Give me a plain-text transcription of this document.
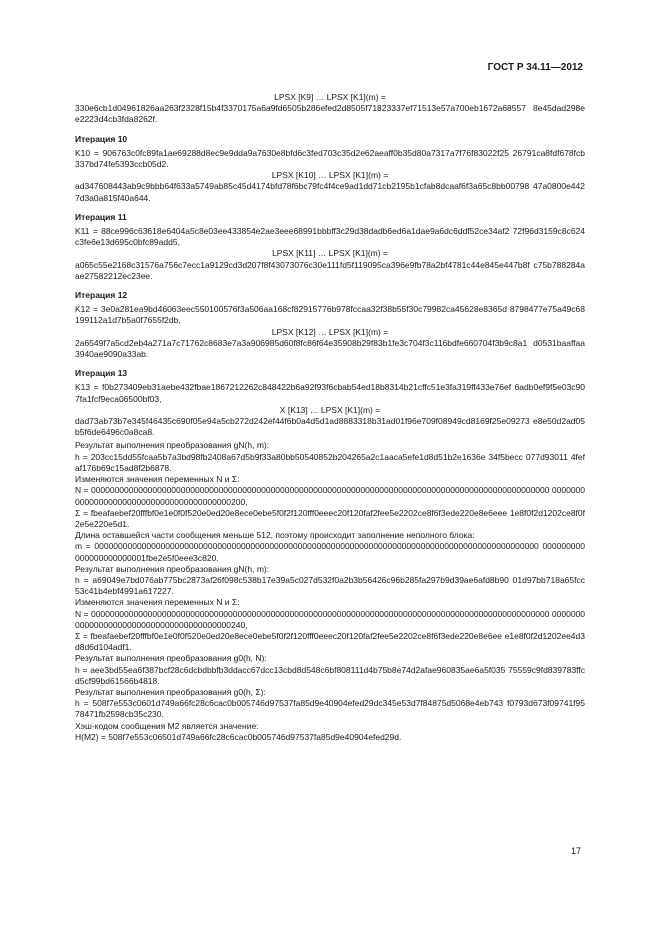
ГОСТ Р 34.11—2012

LPSX [K9] … LPSX [K1](m) =

330e6cb1d04961826aa263f2328f15b4f3370175a6a9fd6505b286efed2d8505f71823337ef71513e57a700eb1672a68557 8e45dad298ee2223d4cb3fda8262f.

Итерация 10

K10 = 906763c0fc89fa1ae69288d8ec9e9dda9a7630e8bfd6c3fed703c35d2e62aeaff0b35d80a7317a7f76f83022f25 26791ca8fdf678fcb337bd74fe5393ccb05d2.

LPSX [K10] … LPSX [K1](m) =

ad347608443ab9c9bbb64f633a5749ab85c45d4174bfd78f6bc79fc4f4ce9ad1dd71cb2195b1cfab8dcaaf6f3a65c8bb00798 47a0800e4427d3a0a815f40a644.

Итерация 11

K11 = 88ce996c63618e6404a5c8e03ee433854e2ae3eee68991bbbff3c29d38dadb6ed6a1dae9a6dc6ddf52ce34af2 72f96d3159c8c624c3fe6e13d695c0bfc89add5,

LPSX [K11] … LPSX [K1](m) =

a065c55e2168c31576a756c7ecc1a9129cd3d207f8f43073076c30e111fd5f119095ca396e9fb78a2bf4781c44e845e447b8f c75b788284aae27582212ec23ee.

Итерация 12

K12 = 3e0a281ea9bd46063eec550100576f3a506aa168cf82915776b978fccaa32f38b55f30c79982ca45628e8365d 8798477e75a49c68199112a1d7b5a0f7655f2db,

LPSX [K12] … LPSX [K1](m) =

2a6549f7a5cd2eb4a271a7c71762c8683e7a3a906985d60f8fc86f64e35908b29f83b1fe3c704f3c116bdfe660704f3b9c8a1 d0531baaffaa3940ae9090a33ab.

Итерация 13

K13 = f0b273409eb31aebe432fbae1867212262c848422b6a92f93f6cbab54ed18b8314b21cffc51e3fa319ff433e76ef 6adb0ef9f5e03c907fa1fcf9eca06500bf03,

X [K13] … LPSX [K1](m) =

dad73ab73b7e345f46435c690f05e94a5cb272d242ef44f6b0a4d5d1ad8883318b31ad01f96e709f08949cd8169f25e09273 e8e50d2ad05b5f6de6496c0a8ca8.

Результат выполнения преобразования gN(h, m):

h = 203cc15dd55fcaa5b7a3bd98fb2408a67d5b9f33a80bb50540852b204265a2c1aaca5efe1d8d51b2e1636e 34f5becc 077d93011 4fefaf176b69c15ad8f2b6878.

Изменяются значения переменных N и Σ:

N = 0000000000000000000000000000000000000000000000000000000000000000000000000000000000000000000000000 0000000000000000000000000000000000000000200,

Σ = fbeafaebef20fffbf0e1e0f0f520e0ed20e8ece0ebe5f0f2f120fff0eeec20f120faf2fee5e2202ce8f6f3ede220e8e6eee 1e8f0f2d1202ce8f0f2e5e220e5d1.

Длина оставшейся части сообщения меньше 512, поэтому происходит заполнение неполного блока:

m = 0000000000000000000000000000000000000000000000000000000000000000000000000000000000000000000000 000000000000000000000001fbe2e5f0eee3c820.

Результат выполнения преобразования gN(h, m):

h = a69049e7bd076ab775bc2873af26f098c538b17e39a5c027d532f0a2b3b56426c96b285fa297b9d39ae6afd8b90 01d97bb718a65fcc53c41b4ebf4991a617227.

Изменяются значения переменных N и Σ:

N = 0000000000000000000000000000000000000000000000000000000000000000000000000000000000000000000000000 0000000000000000000000000000000000000000240,

Σ = fbeafaebef20fffbf0e1e0f0f520e0ed20e8ece0ebe5f0f2f120fff0eeec20f120faf2fee5e2202ce8f6f3ede220e8e6ee e1e8f0f2d1202ee4d3d8d6d104adf1.

Результат выполнения преобразования g0(h, N):

h = aee3bd55ea6f387bcf28c6dcbdbbfb3ddacc67dcc13cbd8d548c6bf808111d4b75b8e74d2afae960835ae6a5f035 75559c9fd839783ffcd5cf99bd61566b4818.

Результат выполнения преобразования g0(h, Σ):

h = 508f7e553c0601d749a66fc28c6cac0b005746d97537fa85d9e40904efed29dc345e53d7f84875d5068e4eb743 f0793d673f09741f9578471fb2598cb35c230.

Хэш-кодом сообщения M2 является значение:

H(M2) = 508f7e553c06501d749a66fc28c6cac0b005746d97537fa85d9e40904efed29d.

17
